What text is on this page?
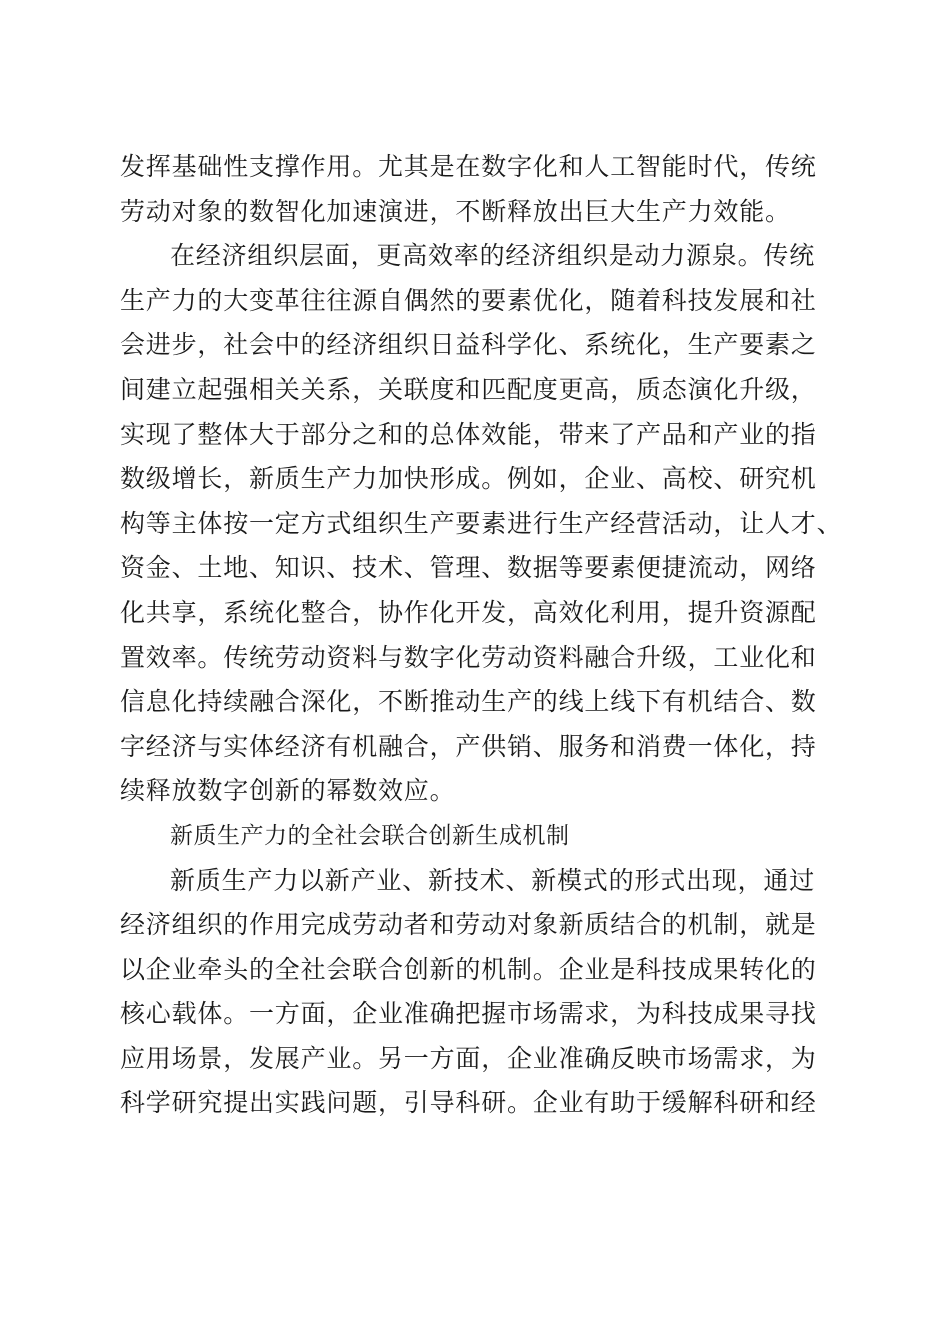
发挥基础性支撑作用。尤其是在数字化和人工智能时代，传统
劳动对象的数智化加速演进，不断释放出巨大生产力效能。
在经济组织层面，更高效率的经济组织是动力源泉。传统
生产力的大变革往往源自偶然的要素优化，随着科技发展和社
会进步，社会中的经济组织日益科学化、系统化，生产要素之
间建立起强相关关系，关联度和匹配度更高，质态演化升级，
实现了整体大于部分之和的总体效能，带来了产品和产业的指
数级增长，新质生产力加快形成。例如，企业、高校、研究机
构等主体按一定方式组织生产要素进行生产经营活动，让人才、
资金、土地、知识、技术、管理、数据等要素便捷流动，网络
化共享，系统化整合，协作化开发，高效化利用，提升资源配
置效率。传统劳动资料与数字化劳动资料融合升级，工业化和
信息化持续融合深化，不断推动生产的线上线下有机结合、数
字经济与实体经济有机融合，产供销、服务和消费一体化，持
续释放数字创新的幂数效应。
新质生产力的全社会联合创新生成机制
新质生产力以新产业、新技术、新模式的形式出现，通过
经济组织的作用完成劳动者和劳动对象新质结合的机制，就是
以企业牵头的全社会联合创新的机制。企业是科技成果转化的
核心载体。一方面，企业准确把握市场需求，为科技成果寻找
应用场景，发展产业。另一方面，企业准确反映市场需求，为
科学研究提出实践问题，引导科研。企业有助于缓解科研和经
